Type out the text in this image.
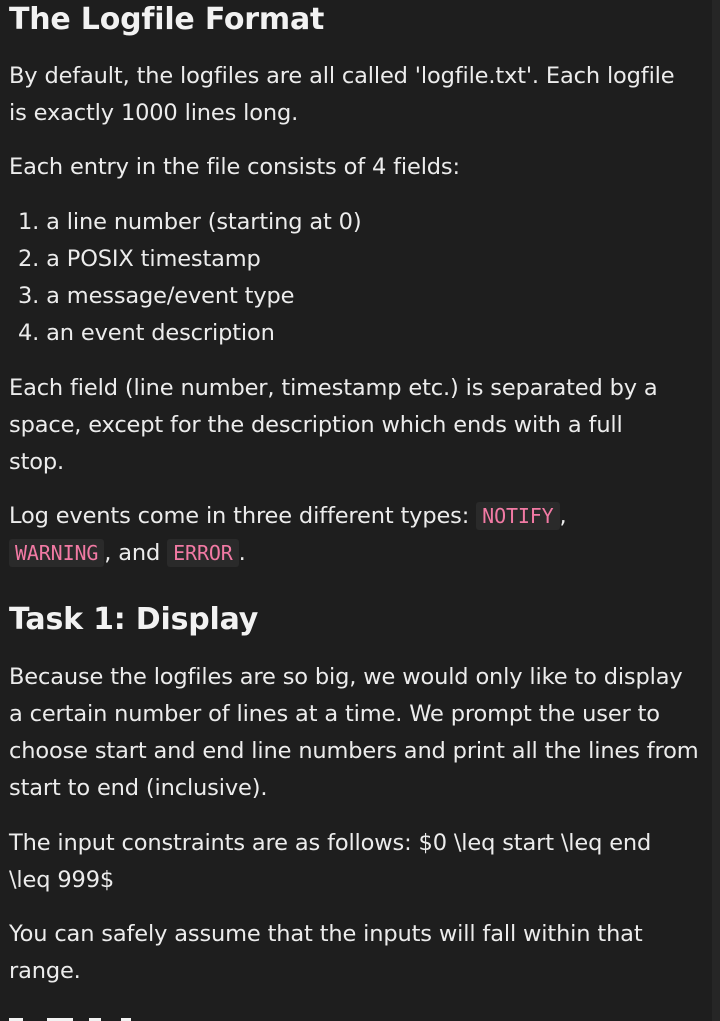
The Logfile Format

By default, the logfiles are all called 'logfile.txt'. Each logfile is exactly 1000 lines long.

Each entry in the file consists of 4 fields:

1. a line number (starting at 0)
2. a POSIX timestamp
3. a message/event type
4. an event description

Each field (line number, timestamp etc.) is separated by a space, except for the description which ends with a full stop.

Log events come in three different types: NOTIFY ,
WARNING , and ERROR .

Task 1: Display

Because the logfiles are so big, we would only like to display a certain number of lines at a time. We prompt the user to choose start and end line numbers and print all the lines from start to end (inclusive).

The input constraints are as follows: $0 \leq start \leq end \leq 999$

You can safely assume that the inputs will fall within that range.
